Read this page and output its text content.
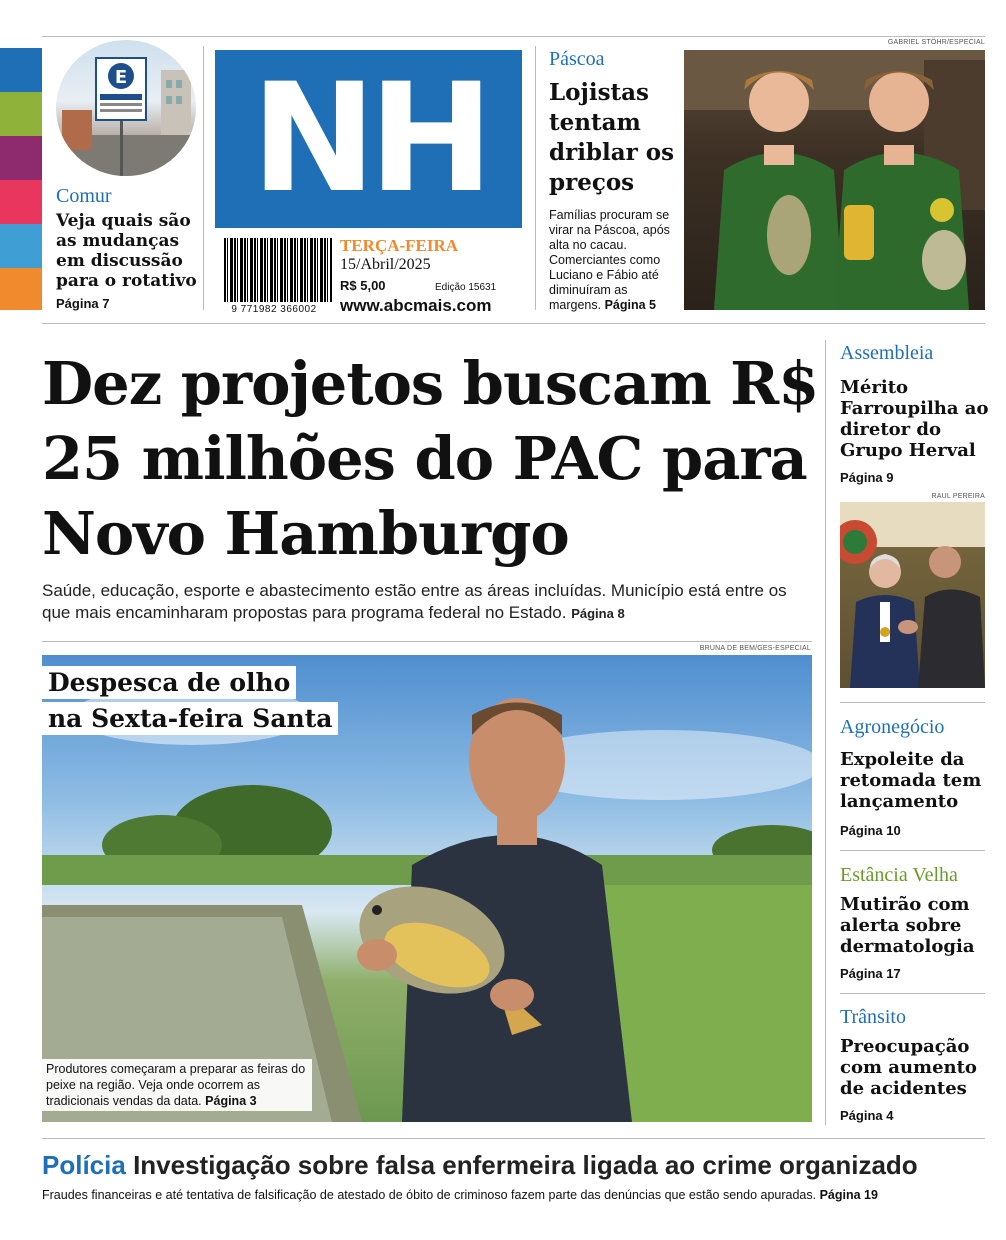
E
Comur
Veja quais são as mudanças em discussão para o rotativo
Página 7
NH
9 771982 366002
TERÇA-FEIRA
15/Abril/2025
R$ 5,00	Edição 15631
www.abcmais.com
Páscoa
Lojistas tentam driblar os preços
Famílias procuram se virar na Páscoa, após alta no cacau. Comerciantes como Luciano e Fábio até diminuíram as margens. Página 5
GABRIEL STÖHR/ESPECIAL
Dez projetos buscam R$ 25 milhões do PAC para Novo Hamburgo
Saúde, educação, esporte e abastecimento estão entre as áreas incluídas. Município está entre os que mais encaminharam propostas para programa federal no Estado. Página 8
BRUNA DE BEM/GES-ESPECIAL
Despesca de olho
na Sexta-feira Santa
Produtores começaram a preparar as feiras do peixe na região. Veja onde ocorrem as tradicionais vendas da data. Página 3
Assembleia
Mérito Farroupilha ao diretor do Grupo Herval
Página 9
RAUL PEREIRA
Agronegócio
Expoleite da retomada tem lançamento
Página 10
Estância Velha
Mutirão com alerta sobre dermatologia
Página 17
Trânsito
Preocupação com aumento de acidentes
Página 4
Polícia Investigação sobre falsa enfermeira ligada ao crime organizado
Fraudes financeiras e até tentativa de falsificação de atestado de óbito de criminoso fazem parte das denúncias que estão sendo apuradas. Página 19
